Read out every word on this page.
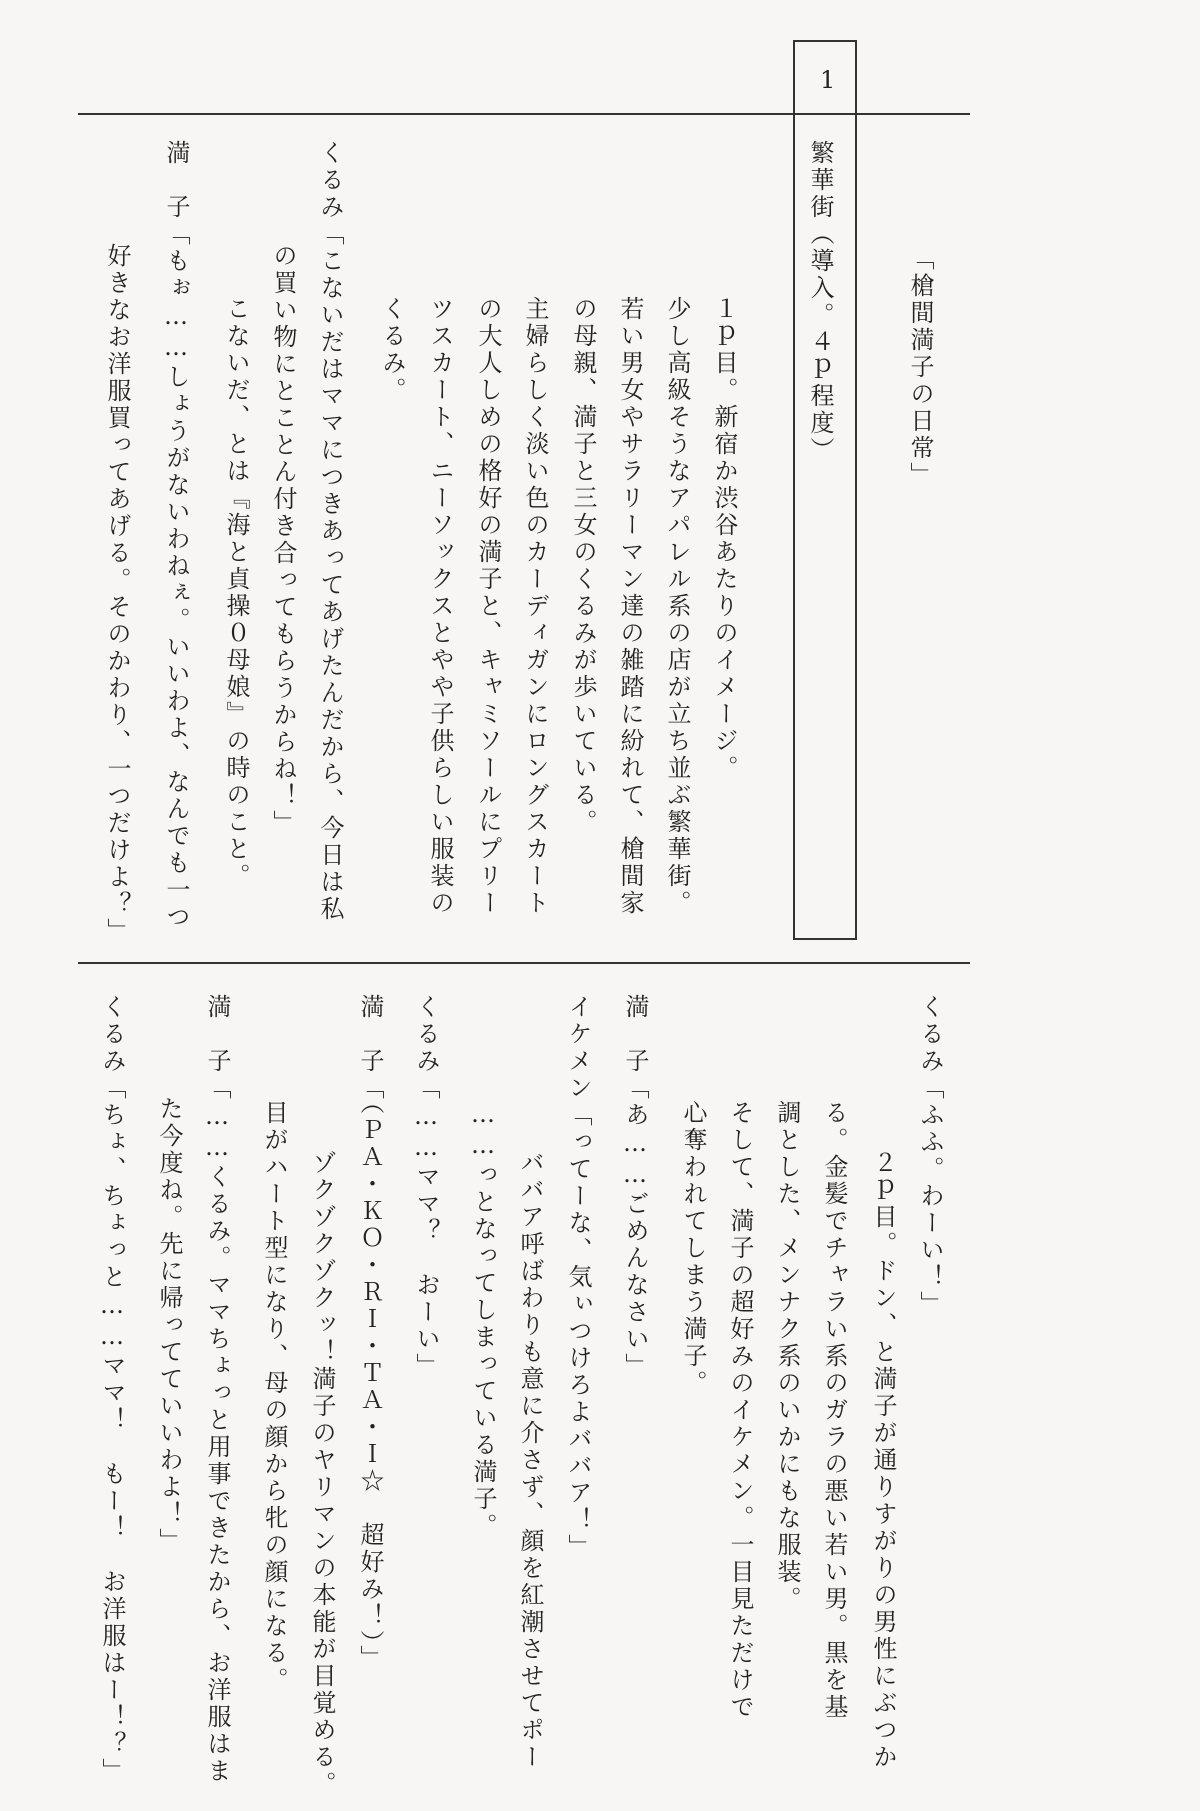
1
「槍間満子の日常」
繁華街（導入。４ｐ程度）
１ｐ目。新宿か渋谷あたりのイメージ。
少し高級そうなアパレル系の店が立ち並ぶ繁華街。
若い男女やサラリーマン達の雑踏に紛れて、槍間家
の母親、満子と三女のくるみが歩いている。
主婦らしく淡い色のカーディガンにロングスカート
の大人しめの格好の満子と、キャミソールにプリー
ツスカート、ニーソックスとやや子供らしい服装の
くるみ。
くるみ「こないだはママにつきあってあげたんだから、今日は私
の買い物にとことん付き合ってもらうからね！」
こないだ、とは『海と貞操０母娘』の時のこと。
満　子「もぉ……しょうがないわねぇ。いいわよ、なんでも一つ
好きなお洋服買ってあげる。そのかわり、一つだけよ？」
くるみ「ふふ。わーい！」
２ｐ目。ドン、と満子が通りすがりの男性にぶつか
る。金髪でチャラい系のガラの悪い若い男。黒を基
調とした、メンナク系のいかにもな服装。
そして、満子の超好みのイケメン。一目見ただけで
心奪われてしまう満子。
満　子「あ……ごめんなさい」
イケメン「ってーな、気ぃつけろよババア！」
ババア呼ばわりも意に介さず、顔を紅潮させてポー
……っとなってしまっている満子。
くるみ「……ママ？　おーい」
満　子「（ＰＡ・ＫＯ・ＲＩ・ＴＡ・Ｉ☆　超好み！）」
ゾクゾクゾクッ！満子のヤリマンの本能が目覚める。
目がハート型になり、母の顔から牝の顔になる。
満　子「……くるみ。ママちょっと用事できたから、お洋服はま
た今度ね。先に帰ってていいわよ！」
くるみ「ちょ、ちょっと……ママ！　もー！　お洋服はー！？」
